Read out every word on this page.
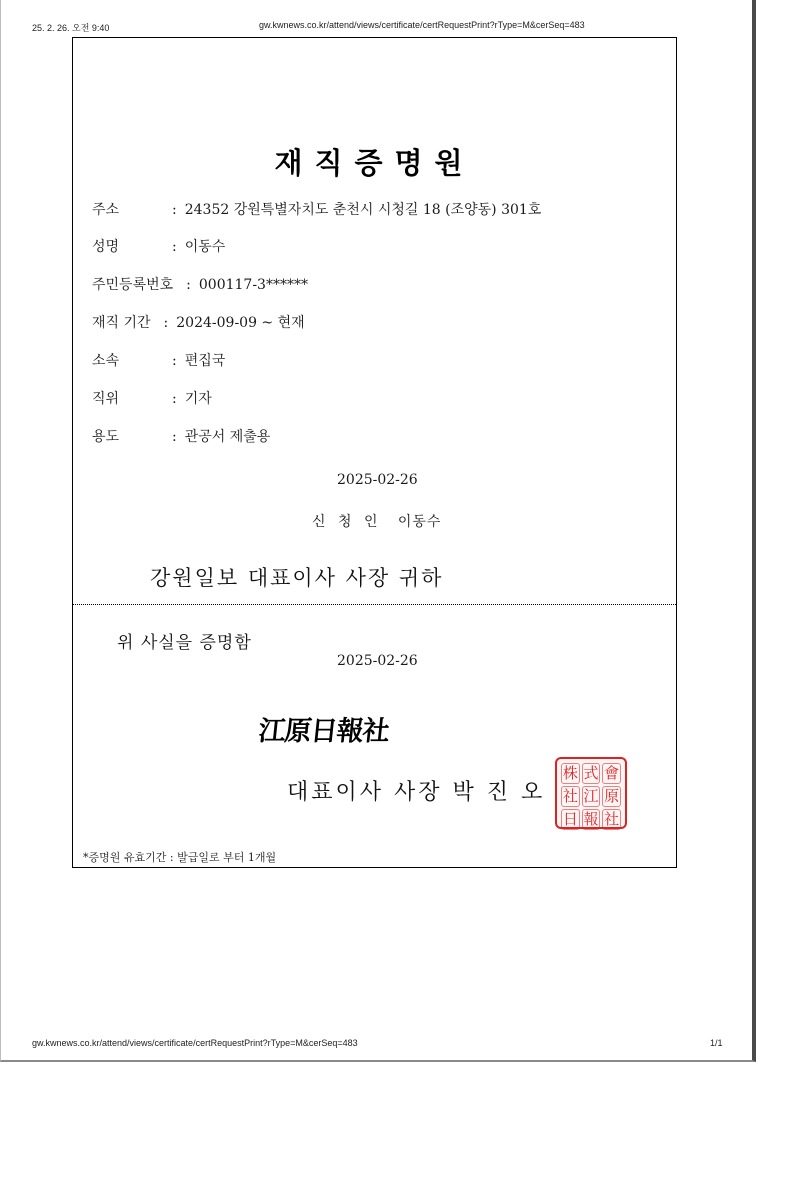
25. 2. 26. 오전 9:40	gw.kwnews.co.kr/attend/views/certificate/certRequestPrint?rType=M&cerSeq=483
재직증명원
주소	: 24352 강원특별자치도 춘천시 시청길 18 (조양동) 301호
성명	: 이동수
주민등록번호 : 000117-3******
재직 기간 : 2024-09-09 ~ 현재
소속	: 편집국
직위	: 기자
용도	: 관공서 제출용
2025-02-26
신 청 인 이동수
강원일보 대표이사 사장 귀하
위 사실을 증명함
2025-02-26
江原日報社
대표이사 사장 박 진 오
株 式 會
社 江 原
日 報 社
*증명원 유효기간 : 발급일로 부터 1개월
gw.kwnews.co.kr/attend/views/certificate/certRequestPrint?rType=M&cerSeq=483	1/1
